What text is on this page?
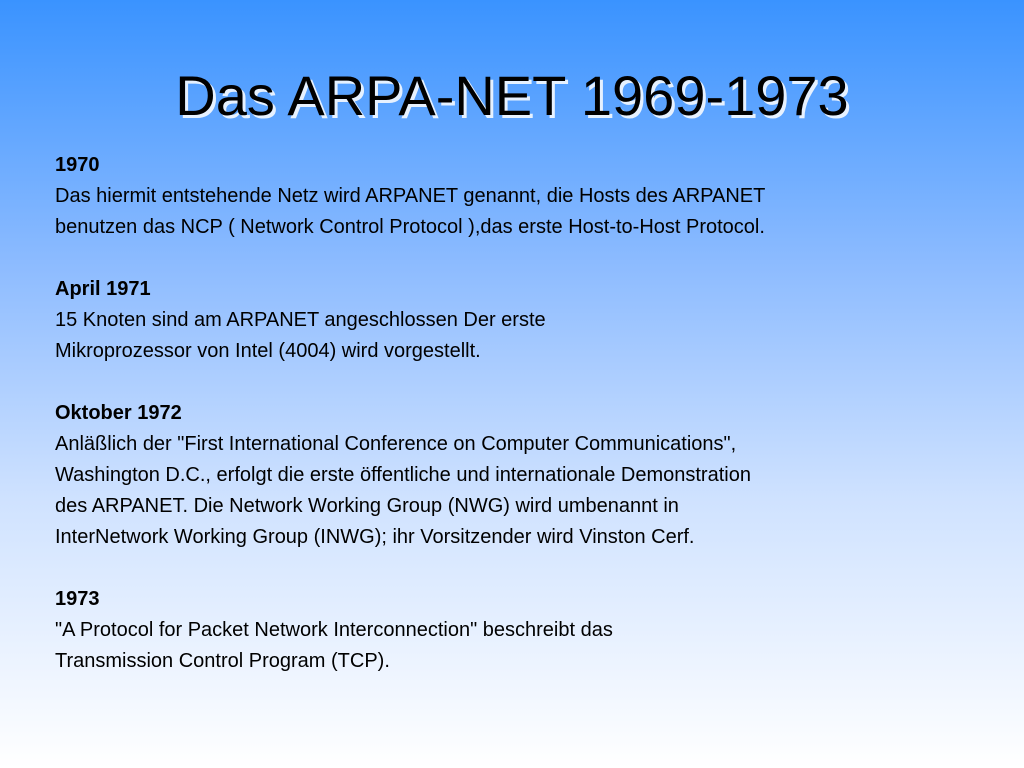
Das ARPA-NET 1969-1973
1970
Das hiermit entstehende Netz wird ARPANET genannt, die Hosts des ARPANET
benutzen das NCP ( Network Control Protocol ),das erste Host-to-Host Protocol.
April 1971
15 Knoten sind am ARPANET angeschlossen Der erste
Mikroprozessor von Intel (4004) wird vorgestellt.
Oktober 1972
Anläßlich der "First International Conference on Computer Communications",
Washington D.C., erfolgt die erste öffentliche und internationale Demonstration
des ARPANET. Die Network Working Group (NWG) wird umbenannt in
InterNetwork Working Group (INWG); ihr Vorsitzender wird Vinston Cerf.
1973
"A Protocol for Packet Network Interconnection" beschreibt das
Transmission Control Program (TCP).
